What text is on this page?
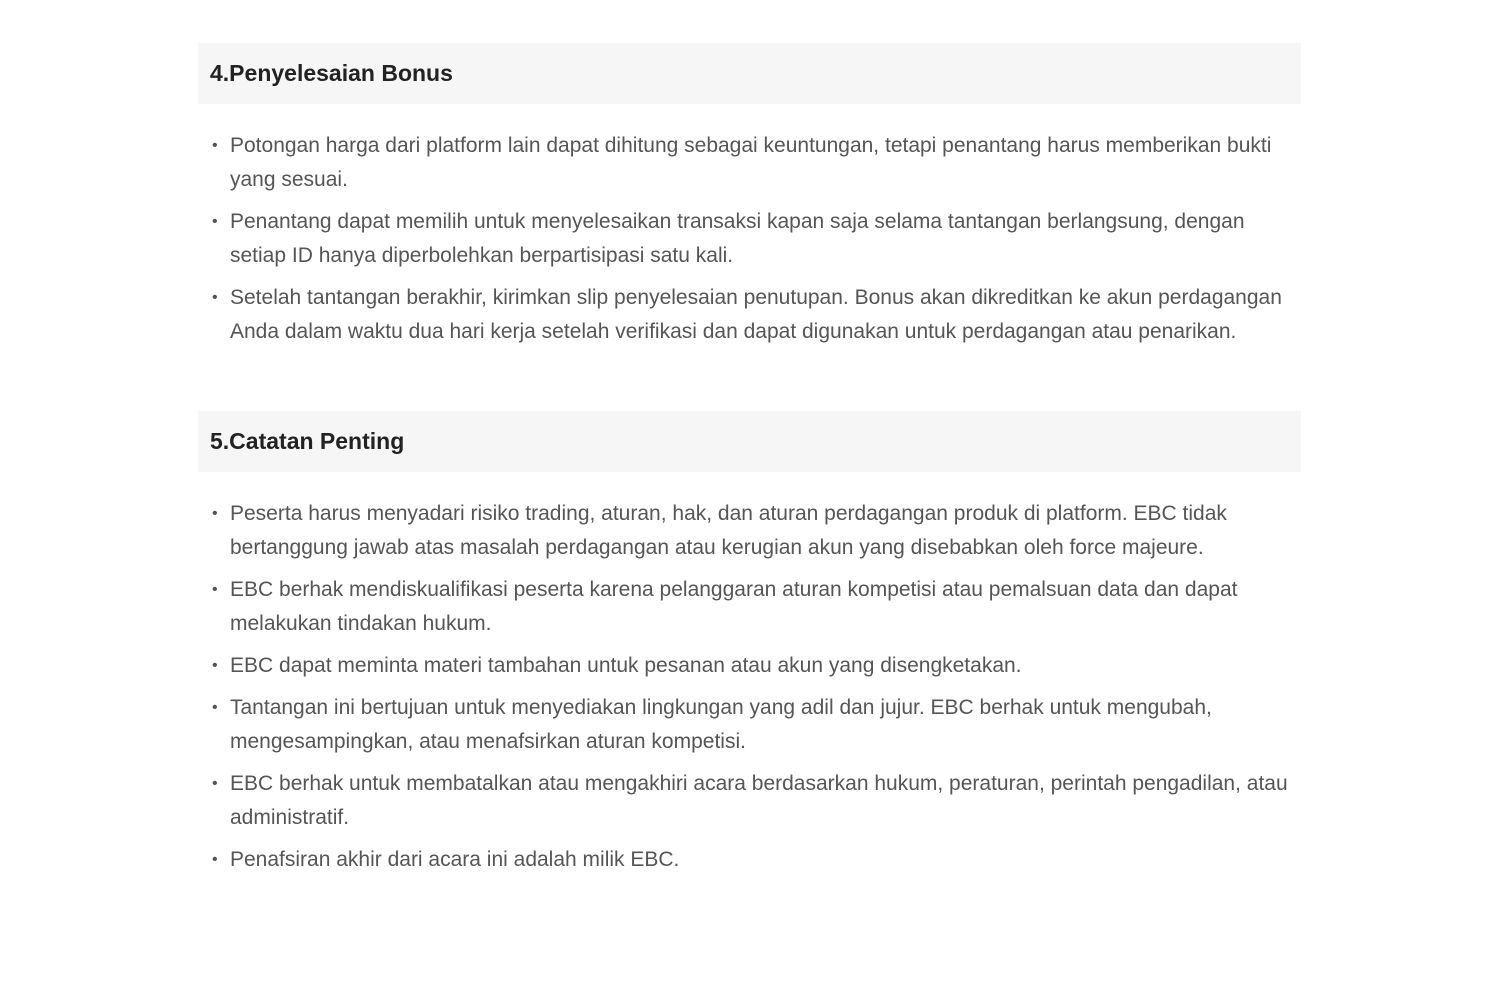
4.Penyelesaian Bonus
• Potongan harga dari platform lain dapat dihitung sebagai keuntungan, tetapi penantang harus memberikan bukti yang sesuai.
• Penantang dapat memilih untuk menyelesaikan transaksi kapan saja selama tantangan berlangsung, dengan setiap ID hanya diperbolehkan berpartisipasi satu kali.
• Setelah tantangan berakhir, kirimkan slip penyelesaian penutupan. Bonus akan dikreditkan ke akun perdagangan Anda dalam waktu dua hari kerja setelah verifikasi dan dapat digunakan untuk perdagangan atau penarikan.
5.Catatan Penting
• Peserta harus menyadari risiko trading, aturan, hak, dan aturan perdagangan produk di platform. EBC tidak bertanggung jawab atas masalah perdagangan atau kerugian akun yang disebabkan oleh force majeure.
• EBC berhak mendiskualifikasi peserta karena pelanggaran aturan kompetisi atau pemalsuan data dan dapat melakukan tindakan hukum.
• EBC dapat meminta materi tambahan untuk pesanan atau akun yang disengketakan.
• Tantangan ini bertujuan untuk menyediakan lingkungan yang adil dan jujur. EBC berhak untuk mengubah, mengesampingkan, atau menafsirkan aturan kompetisi.
• EBC berhak untuk membatalkan atau mengakhiri acara berdasarkan hukum, peraturan, perintah pengadilan, atau administratif.
• Penafsiran akhir dari acara ini adalah milik EBC.
